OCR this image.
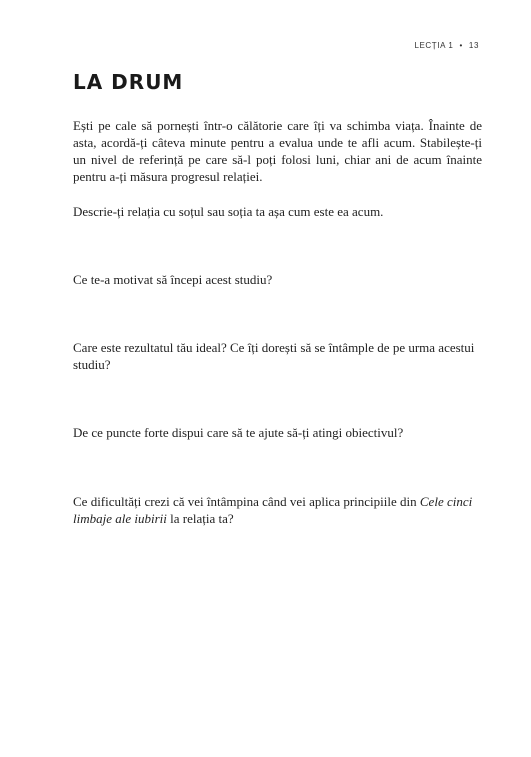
LECȚIA 1 • 13
LA DRUM

Ești pe cale să pornești într-o călătorie care îți va schimba viața. Înainte de asta, acordă-ți câteva minute pentru a evalua unde te afli acum. Stabilește-ți un nivel de referință pe care să-l poți folosi luni, chiar ani de acum înainte pentru a-ți măsura progresul relației.

Descrie-ți relația cu soțul sau soția ta așa cum este ea acum.

Ce te-a motivat să începi acest studiu?

Care este rezultatul tău ideal? Ce îți dorești să se întâmple de pe urma acestui studiu?

De ce puncte forte dispui care să te ajute să-ți atingi obiectivul?

Ce dificultăți crezi că vei întâmpina când vei aplica principiile din Cele cinci limbaje ale iubirii la relația ta?
